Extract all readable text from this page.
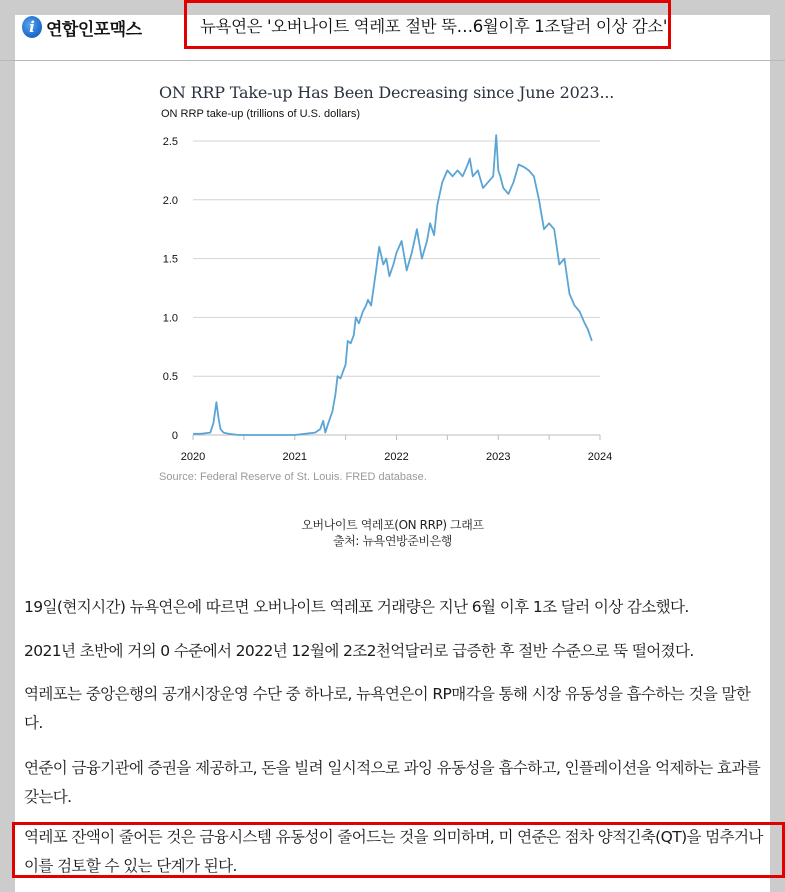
i 연합인포맥스	뉴욕연은 '오버나이트 역레포 절반 뚝…6월이후 1조달러 이상 감소'
ON RRP Take-up Has Been Decreasing since June 2023...
ON RRP take-up (trillions of U.S. dollars)
0
0.5
1.0
1.5
2.0
2.5
2020	2021	2022	2023	2024
Source: Federal Reserve of St. Louis. FRED database.
오버나이트 역레포(ON RRP) 그래프
출처: 뉴욕연방준비은행
19일(현지시간) 뉴욕연은에 따르면 오버나이트 역레포 거래량은 지난 6월 이후 1조 달러 이상 감소했다.
2021년 초반에 거의 0 수준에서 2022년 12월에 2조2천억달러로 급증한 후 절반 수준으로 뚝 떨어졌다.
역레포는 중앙은행의 공개시장운영 수단 중 하나로, 뉴욕연은이 RP매각을 통해 시장 유동성을 흡수하는 것을 말한다.
연준이 금융기관에 증권을 제공하고, 돈을 빌려 일시적으로 과잉 유동성을 흡수하고, 인플레이션을 억제하는 효과를 갖는다.
역레포 잔액이 줄어든 것은 금융시스템 유동성이 줄어드는 것을 의미하며, 미 연준은 점차 양적긴축(QT)을 멈추거나 이를 검토할 수 있는 단계가 된다.
